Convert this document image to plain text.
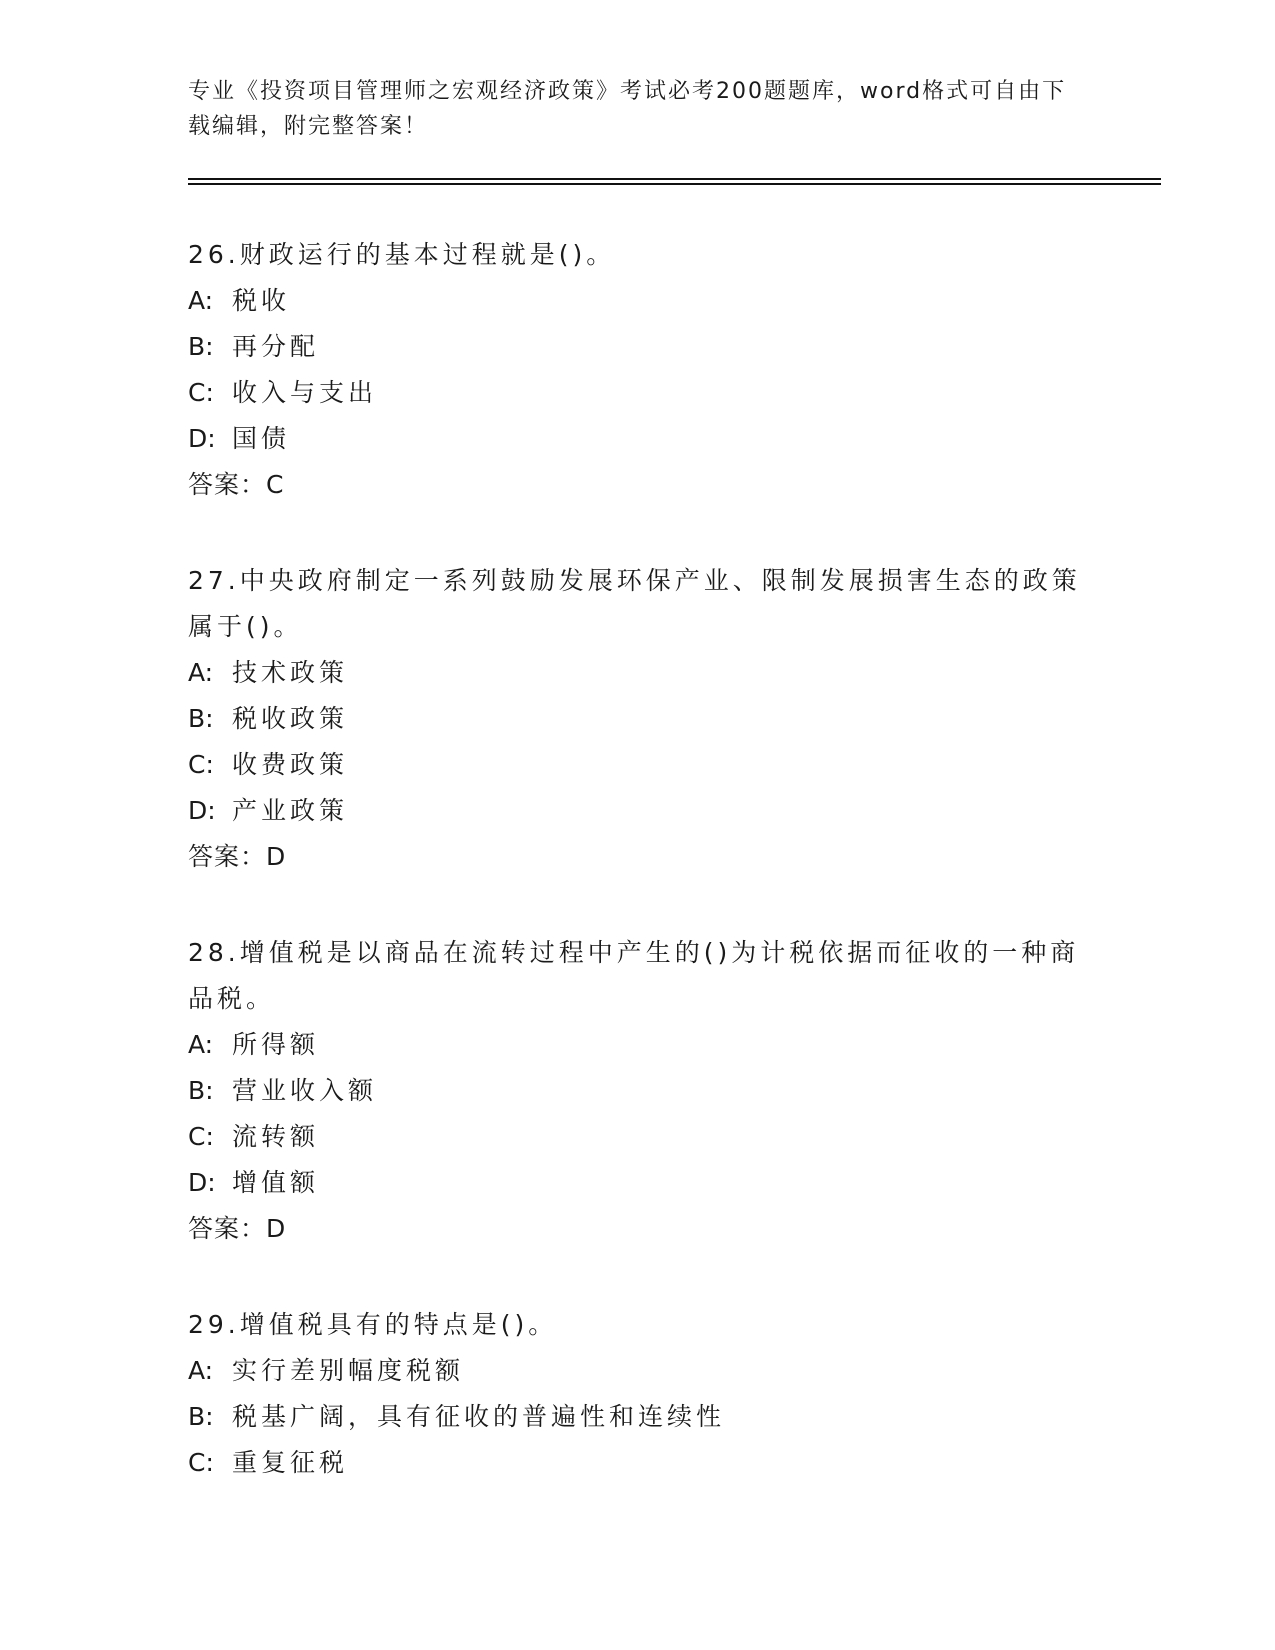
专业《投资项目管理师之宏观经济政策》考试必考200题题库，word格式可自由下载编辑，附完整答案！
26.财政运行的基本过程就是()。
A: 税收
B: 再分配
C: 收入与支出
D: 国债
答案：C
27.中央政府制定一系列鼓励发展环保产业、限制发展损害生态的政策属于()。
A: 技术政策
B: 税收政策
C: 收费政策
D: 产业政策
答案：D
28.增值税是以商品在流转过程中产生的()为计税依据而征收的一种商品税。
A: 所得额
B: 营业收入额
C: 流转额
D: 增值额
答案：D
29.增值税具有的特点是()。
A: 实行差别幅度税额
B: 税基广阔，具有征收的普遍性和连续性
C: 重复征税
